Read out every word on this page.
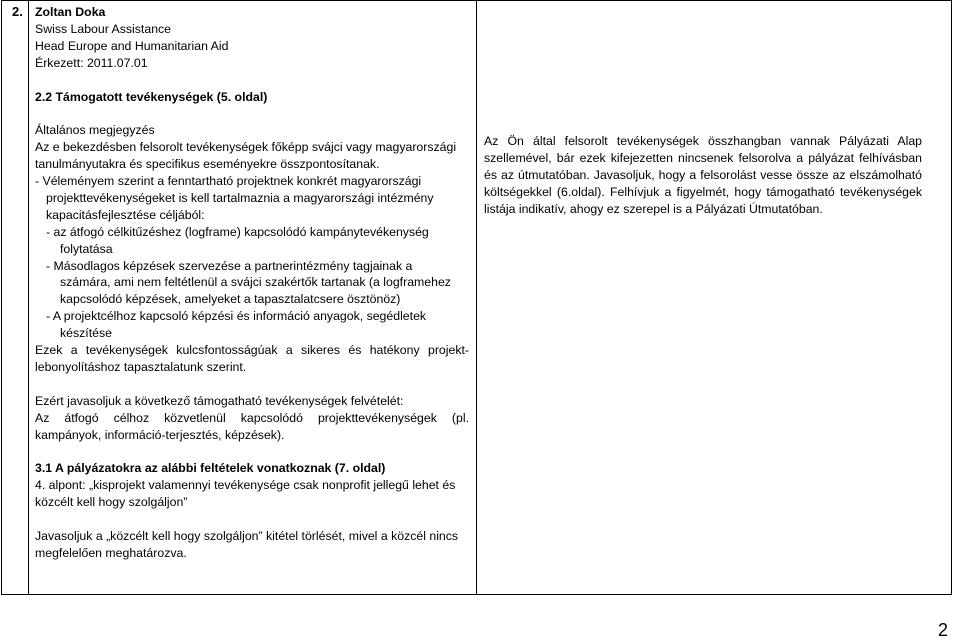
2. Zoltan Doka
Swiss Labour Assistance
Head Europe and Humanitarian Aid
Érkezett: 2011.07.01
2.2 Támogatott tevékenységek (5. oldal)
Általános megjegyzés
Az e bekezdésben felsorolt tevékenységek főképp svájci vagy magyarországi
tanulmányutakra és specifikus eseményekre összpontosítanak.
- Véleményem szerint a fenntartható projektnek konkrét magyarországi
projekttevékenységeket is kell tartalmaznia a magyarországi intézmény
kapacitásfejlesztése céljából:
- az átfogó célkitűzéshez (logframe) kapcsolódó kampánytevékenység
folytatása
- Másodlagos képzések szervezése a partnerintézmény tagjainak a
számára, ami nem feltétlenül a svájci szakértők tartanak (a logframehez
kapcsolódó képzések, amelyeket a tapasztalatcsere ösztönöz)
- A projektcélhoz kapcsoló képzési és információ anyagok, segédletek
készítése
Ezek a tevékenységek kulcsfontosságúak a sikeres és hatékony projekt-
lebonyolításhoz tapasztalatunk szerint.
Ezért javasoljuk a következő támogatható tevékenységek felvételét:
Az átfogó célhoz közvetlenül kapcsolódó projekttevékenységek (pl.
kampányok, információ-terjesztés, képzések).
3.1 A pályázatokra az alábbi feltételek vonatkoznak (7. oldal)
4. alpont: „kisprojekt valamennyi tevékenysége csak nonprofit jellegű lehet és
közcélt kell hogy szolgáljon”
Javasoljuk a „közcélt kell hogy szolgáljon” kitétel törlését, mivel a közcél nincs
megfelelően meghatározva.
Az Ön által felsorolt tevékenységek összhangban vannak Pályázati Alap
szellemével, bár ezek kifejezetten nincsenek felsorolva a pályázat felhívásban
és az útmutatóban. Javasoljuk, hogy a felsorolást vesse össze az elszámolható
költségekkel (6.oldal). Felhívjuk a figyelmét, hogy támogatható tevékenységek
listája indikatív, ahogy ez szerepel is a Pályázati Útmutatóban.
2
